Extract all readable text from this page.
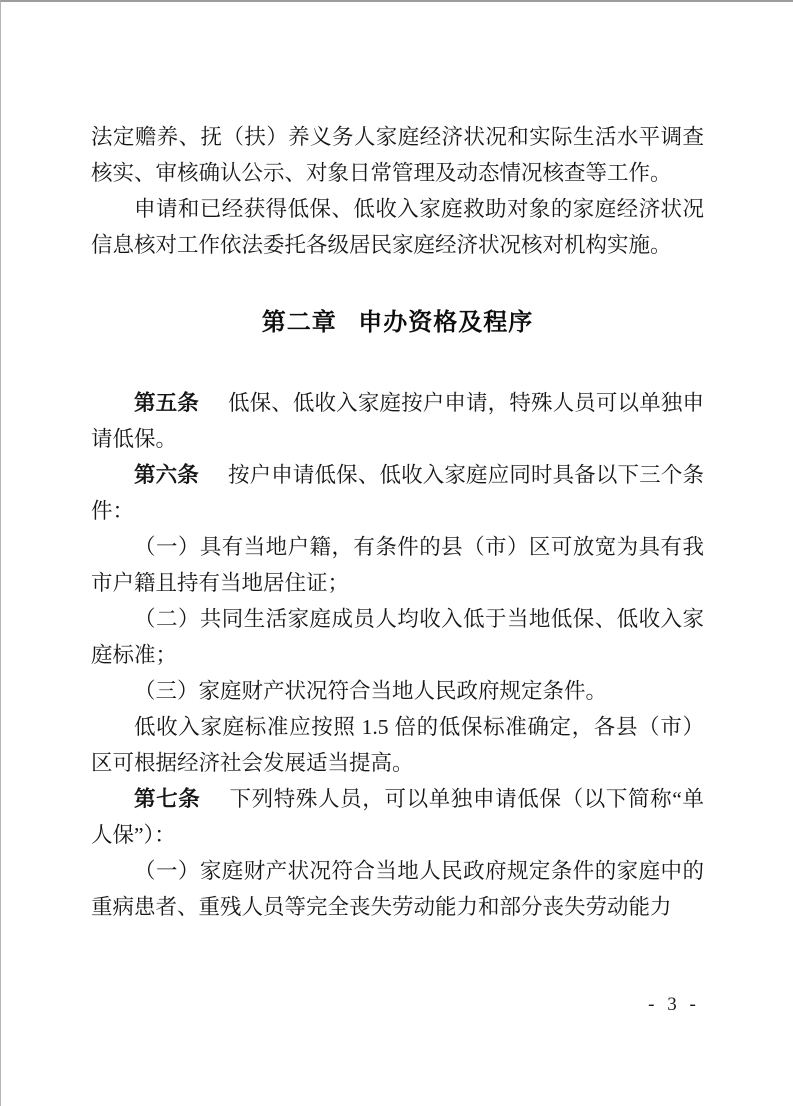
法定赡养、抚（扶）养义务人家庭经济状况和实际生活水平调查核实、审核确认公示、对象日常管理及动态情况核查等工作。

申请和已经获得低保、低收入家庭救助对象的家庭经济状况信息核对工作依法委托各级居民家庭经济状况核对机构实施。

第二章 申办资格及程序

第五条 低保、低收入家庭按户申请，特殊人员可以单独申请低保。

第六条 按户申请低保、低收入家庭应同时具备以下三个条件：

（一）具有当地户籍，有条件的县（市）区可放宽为具有我市户籍且持有当地居住证；

（二）共同生活家庭成员人均收入低于当地低保、低收入家庭标准；

（三）家庭财产状况符合当地人民政府规定条件。

低收入家庭标准应按照 1.5 倍的低保标准确定，各县（市）区可根据经济社会发展适当提高。

第七条 下列特殊人员，可以单独申请低保（以下简称“单人保”）：

（一）家庭财产状况符合当地人民政府规定条件的家庭中的重病患者、重残人员等完全丧失劳动能力和部分丧失劳动能力

- 3 -
